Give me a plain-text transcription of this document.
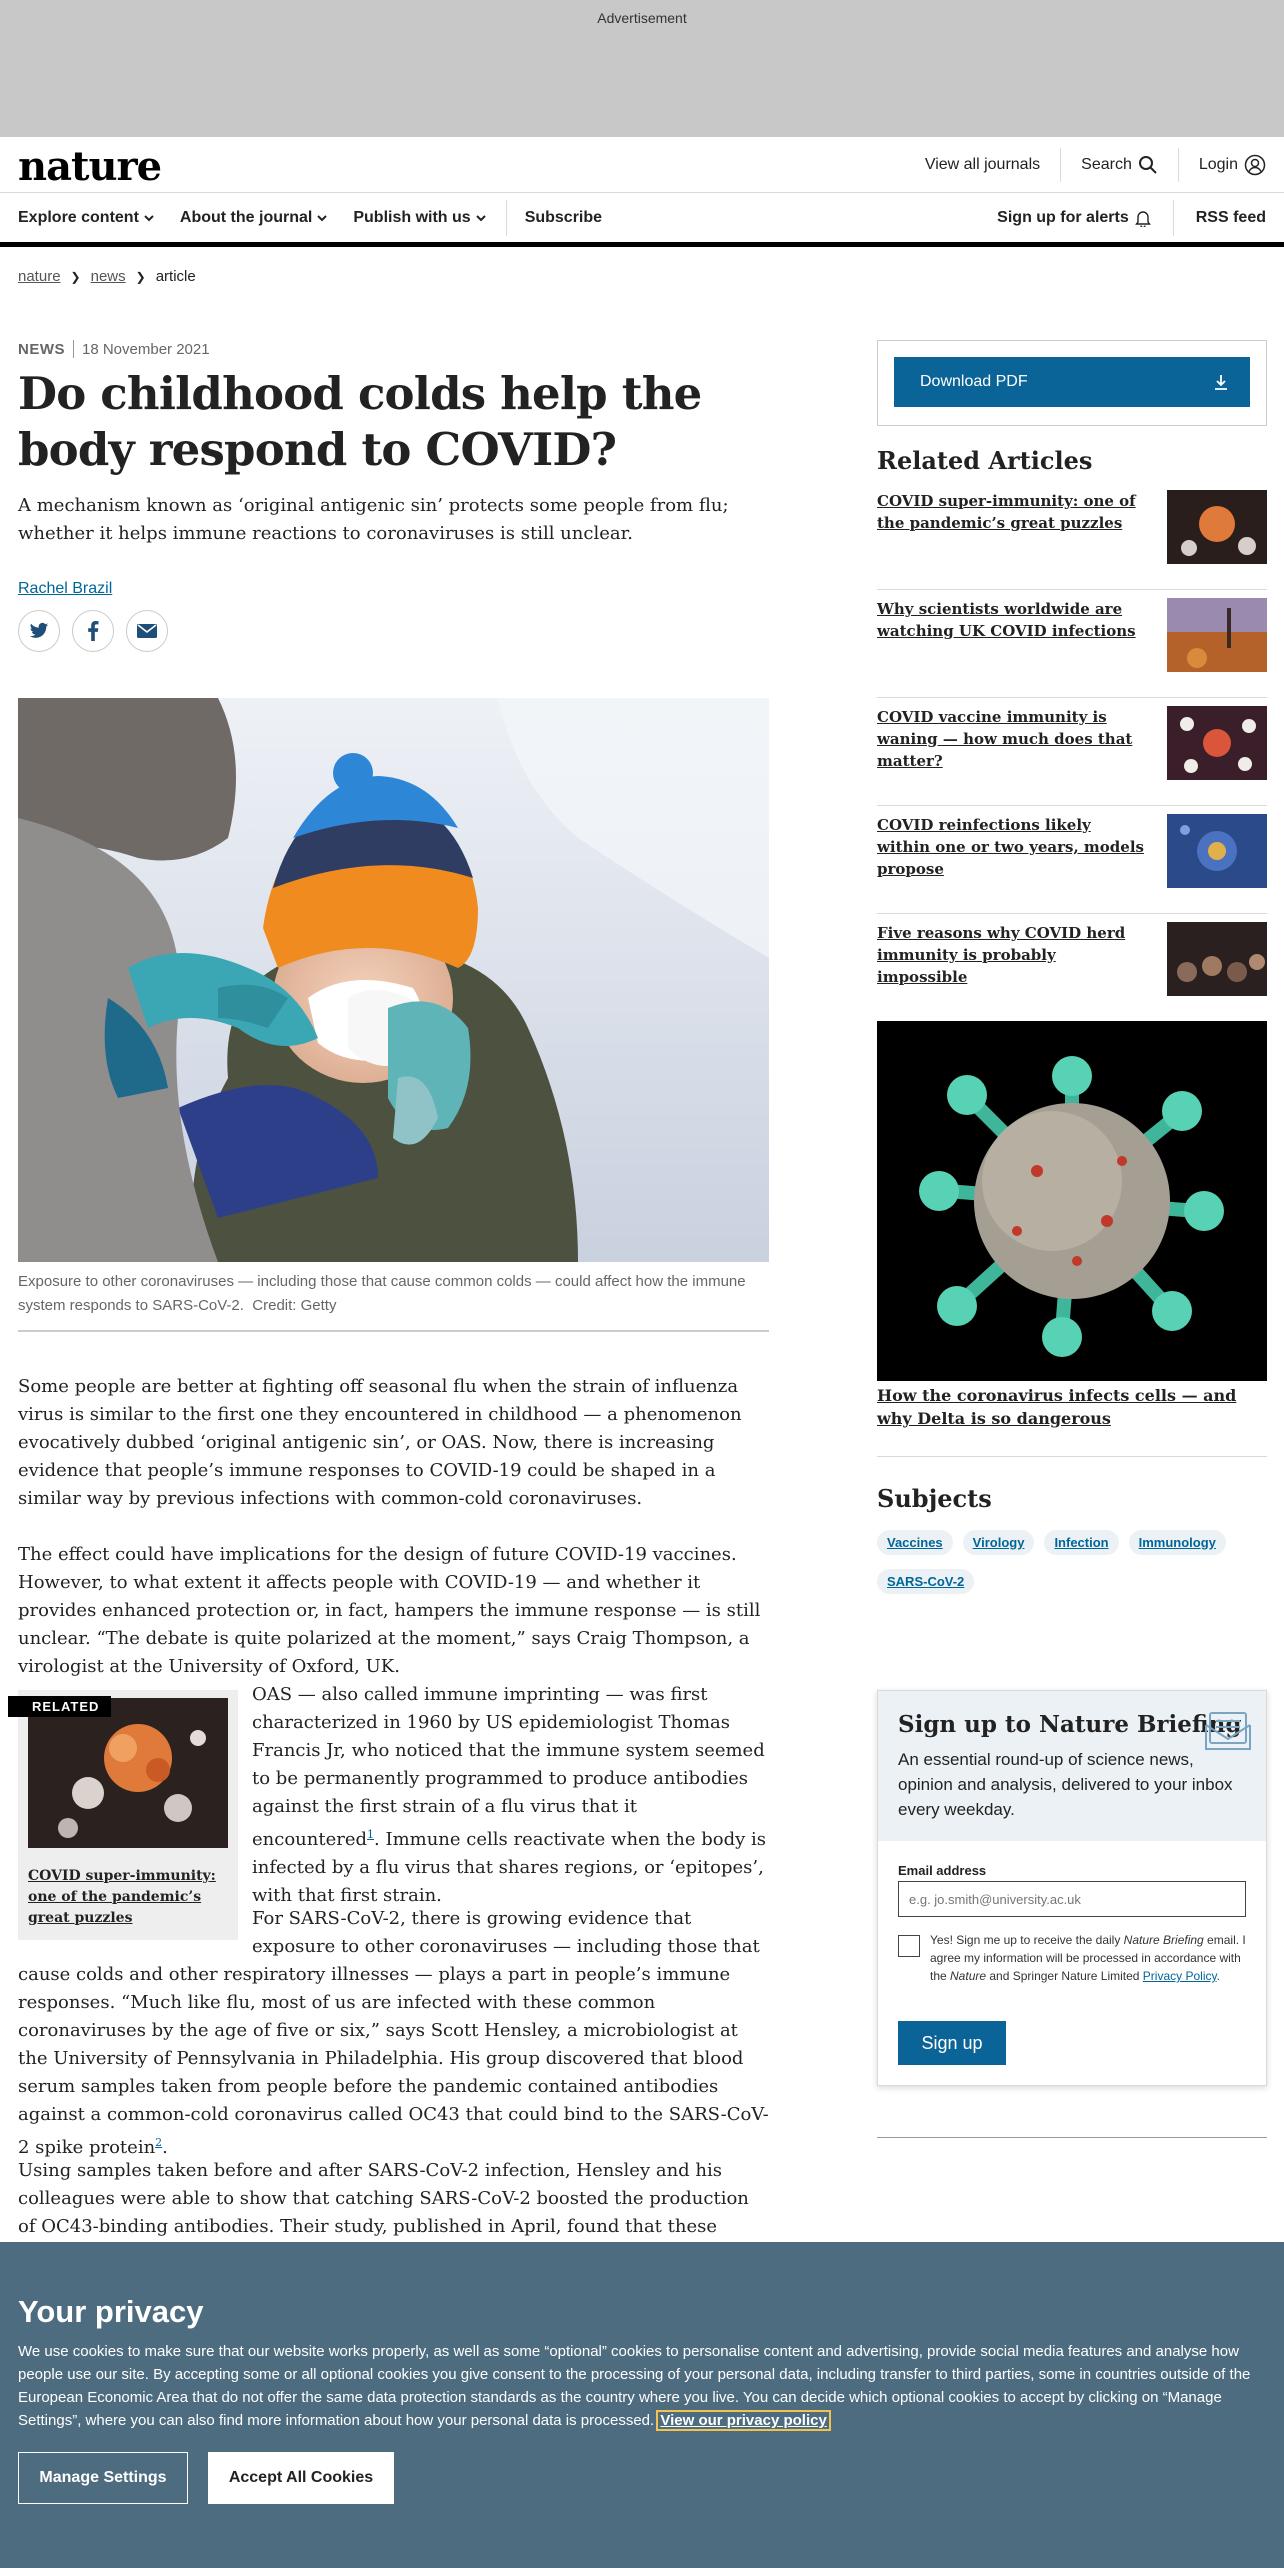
Advertisement
nature	View all journals	Search	Login
Explore content	About the journal	Publish with us	Subscribe	Sign up for alerts	RSS feed
nature ❯ news ❯ article
NEWS 18 November 2021
Do childhood colds help the body respond to COVID?

A mechanism known as ‘original antigenic sin’ protects some people from flu; whether it helps immune reactions to coronaviruses is still unclear.

Rachel Brazil
Exposure to other coronaviruses — including those that cause common colds — could affect how the immune system responds to SARS-CoV-2. Credit: Getty

Some people are better at fighting off seasonal flu when the strain of influenza virus is similar to the first one they encountered in childhood — a phenomenon evocatively dubbed ‘original antigenic sin’, or OAS. Now, there is increasing evidence that people’s immune responses to COVID-19 could be shaped in a similar way by previous infections with common-cold coronaviruses.

The effect could have implications for the design of future COVID-19 vaccines. However, to what extent it affects people with COVID-19 — and whether it provides enhanced protection or, in fact, hampers the immune response — is still unclear. “The debate is quite polarized at the moment,” says Craig Thompson, a virologist at the University of Oxford, UK.

OAS — also called immune imprinting — was first characterized in 1960 by US epidemiologist Thomas Francis Jr, who noticed that the immune system seemed to be permanently programmed to produce antibodies against the first strain of a flu virus that it encountered$^1$. Immune cells reactivate when the body is infected by a flu virus that shares regions, or ‘epitopes’, with that first strain.

For SARS-CoV-2, there is growing evidence that exposure to other coronaviruses — including those that cause colds and other respiratory illnesses — plays a part in people’s immune responses. “Much like flu, most of us are infected with these common coronaviruses by the age of five or six,” says Scott Hensley, a microbiologist at the University of Pennsylvania in Philadelphia. His group discovered that blood serum samples taken from people before the pandemic contained antibodies against a common-cold coronavirus called OC43 that could bind to the SARS-CoV-2 spike protein$^2$.

Using samples taken before and after SARS-CoV-2 infection, Hensley and his colleagues were able to show that catching SARS-CoV-2 boosted the production of OC43-binding antibodies. Their study, published in April, found that these

RELATED
COVID super-immunity: one of the pandemic’s great puzzles
Download PDF
Related Articles
COVID super-immunity: one of the pandemic’s great puzzles
Why scientists worldwide are watching UK COVID infections
COVID vaccine immunity is waning — how much does that matter?
COVID reinfections likely within one or two years, models propose
Five reasons why COVID herd immunity is probably impossible
How the coronavirus infects cells — and why Delta is so dangerous
Subjects
Vaccines	Virology	Infection	Immunology
SARS-CoV-2
Sign up to Nature Briefing
An essential round-up of science news, opinion and analysis, delivered to your inbox every weekday.
Email address
e.g. jo.smith@university.ac.uk
Yes! Sign me up to receive the daily Nature Briefing email. I agree my information will be processed in accordance with the Nature and Springer Nature Limited Privacy Policy.
Sign up
Your privacy
We use cookies to make sure that our website works properly, as well as some “optional” cookies to personalise content and advertising, provide social media features and analyse how people use our site. By accepting some or all optional cookies you give consent to the processing of your personal data, including transfer to third parties, some in countries outside of the European Economic Area that do not offer the same data protection standards as the country where you live. You can decide which optional cookies to accept by clicking on “Manage Settings”, where you can also find more information about how your personal data is processed. View our privacy policy
Manage Settings	Accept All Cookies
